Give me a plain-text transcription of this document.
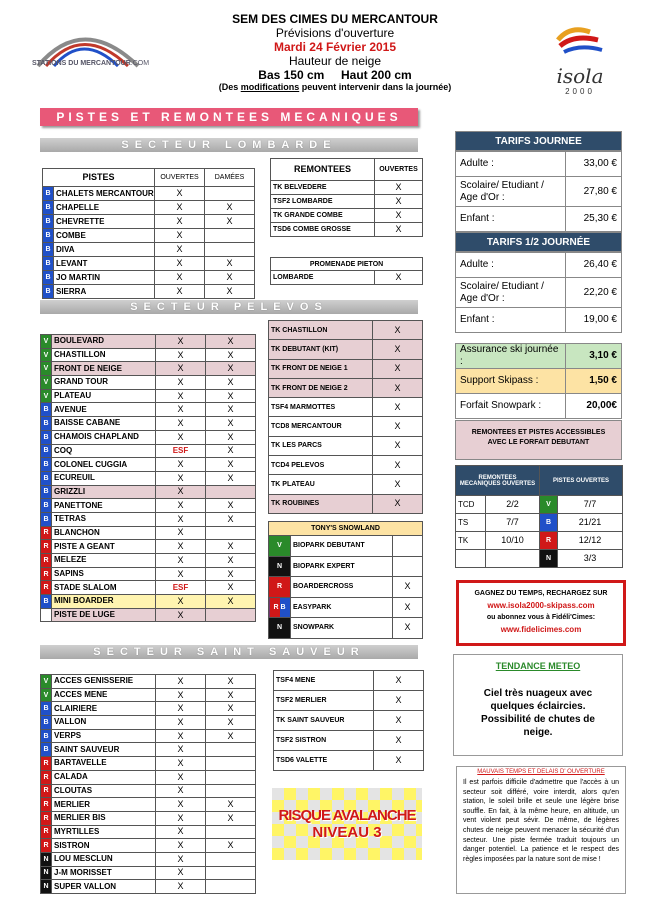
STATIONS DU MERCANTOUR.COM
SEM DES CIMES DU MERCANTOUR
Prévisions d'ouverture
Mardi 24 Février 2015
Hauteur de neige
Bas 150 cm     Haut 200 cm
(Des modifications peuvent intervenir dans la journée)	isola
2000
PISTES ET REMONTEES MECANIQUES
SECTEUR LOMBARDE
PISTES		OUVERTES	DAMÉES
B	CHALETS MERCANTOUR	X	
B	CHAPELLE	X	X
B	CHEVRETTE	X	X
B	COMBE	X	
B	DIVA	X	
B	LEVANT	X	X
B	JO MARTIN	X	X
B	SIERRA	X	X
REMONTEES	OUVERTES
TK BELVEDERE	X
TSF2 LOMBARDE	X
TK GRANDE COMBE	X
TSD6 COMBE GROSSE	X
PROMENADE PIETON
LOMBARDE	X
SECTEUR PELEVOS
V	BOULEVARD	X	X
V	CHASTILLON	X	X
V	FRONT DE NEIGE	X	X
V	GRAND TOUR	X	X
V	PLATEAU	X	X
B	AVENUE	X	X
B	BAISSE CABANE	X	X
B	CHAMOIS CHAPLAND	X	X
B	COQ	ESF	X
B	COLONEL CUGGIA	X	X
B	ECUREUIL	X	X
B	GRIZZLI	X	
B	PANETTONE	X	X
B	TETRAS	X	X
R	BLANCHON	X	
R	PISTE A GEANT	X	X
R	MELEZE	X	X
R	SAPINS	X	X
R	STADE SLALOM	ESF	X
B	MINI BOARDER	X	X
	PISTE DE LUGE	X	
TK CHASTILLON	X
TK DEBUTANT (KIT)	X
TK FRONT DE NEIGE 1	X
TK FRONT DE NEIGE 2	X
TSF4 MARMOTTES	X
TCD8 MERCANTOUR	X
TK LES PARCS	X
TCD4 PELEVOS	X
TK PLATEAU	X
TK ROUBINES	X
TONY'S SNOWLAND		
V	BIOPARK DEBUTANT	
N	BIOPARK EXPERT	
R	BOARDERCROSS	X
R B	EASYPARK	X
N	SNOWPARK	X
SECTEUR SAINT SAUVEUR
V	ACCES GENISSERIE	X	X
V	ACCES MENE	X	X
B	CLAIRIERE	X	X
B	VALLON	X	X
B	VERPS	X	X
B	SAINT SAUVEUR	X	
R	BARTAVELLE	X	
R	CALADA	X	
R	CLOUTAS	X	
R	MERLIER	X	X
R	MERLIER BIS	X	X
R	MYRTILLES	X	
R	SISTRON	X	X
N	LOU MESCLUN	X	
N	J-M MORISSET	X	
N	SUPER VALLON	X	
TSF4 MENE	X
TSF2 MERLIER	X
TK SAINT SAUVEUR	X
TSF2 SISTRON	X
TSD6 VALETTE	X
RISQUE AVALANCHE
NIVEAU 3
TARIFS JOURNEE
Adulte :	33,00 €
Scolaire/ Etudiant /
Age d'Or :	27,80 €
Enfant :	25,30 €
TARIFS 1/2 JOURNÉE
Adulte :	26,40 €
Scolaire/ Etudiant /
Age d'Or :	22,20 €
Enfant :	19,00 €
Assurance ski journée :	3,10 €
Support Skipass :	1,50 €
Forfait Snowpark :	20,00€
REMONTEES ET PISTES ACCESSIBLES AVEC LE FORFAIT DEBUTANT
REMONTEES MECANIQUES OUVERTES		PISTES OUVERTES	
TCD	2/2	V	7/7
TS	7/7	B	21/21
TK	10/10	R	12/12
		N	3/3
GAGNEZ DU TEMPS, RECHARGEZ SUR
www.isola2000-skipass.com
ou abonnez vous à Fidéli'Cimes:
www.fidelicimes.com
TENDANCE METEO
Ciel très nuageux avec quelques éclaircies. Possibilité de chutes de neige.
MAUVAIS TEMPS ET DELAIS D' OUVERTURE
Il est parfois difficile d'admettre que l'accès à un secteur soit différé, voire interdit, alors qu'en station, le soleil brille et seule une légère brise souffle. En fait, à la même heure, en altitude, un vent violent peut sévir. De même, de légères chutes de neige peuvent menacer la sécurité d'un secteur. Une piste fermée traduit toujours un danger potentiel. La patience et le respect des règles imposées par la nature sont de mise !
